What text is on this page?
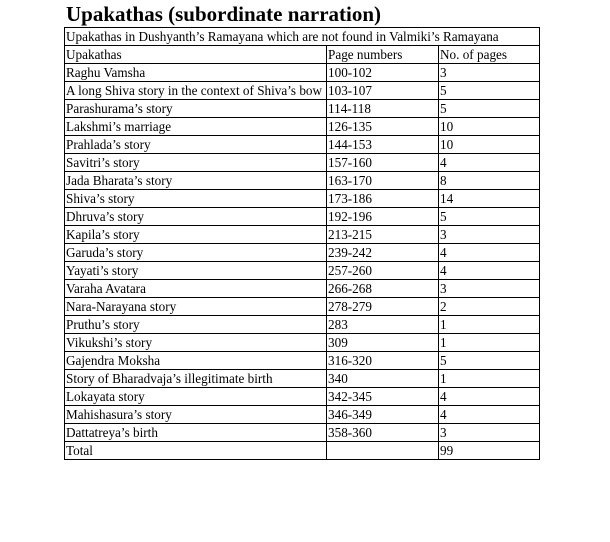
Upakathas (subordinate narration)
Upakathas in Dushyanth’s Ramayana which are not found in Valmiki’s Ramayana		
Upakathas	Page numbers	No. of pages
Raghu Vamsha	100-102	3
A long Shiva story in the context of Shiva’s bow	103-107	5
Parashurama’s story	114-118	5
Lakshmi’s marriage	126-135	10
Prahlada’s story	144-153	10
Savitri’s story	157-160	4
Jada Bharata’s story	163-170	8
Shiva’s story	173-186	14
Dhruva’s story	192-196	5
Kapila’s story	213-215	3
Garuda’s story	239-242	4
Yayati’s story	257-260	4
Varaha Avatara	266-268	3
Nara-Narayana story	278-279	2
Pruthu’s story	283	1
Vikukshi’s story	309	1
Gajendra Moksha	316-320	5
Story of Bharadvaja’s illegitimate birth	340	1
Lokayata story	342-345	4
Mahishasura’s story	346-349	4
Dattatreya’s birth	358-360	3
Total		99
